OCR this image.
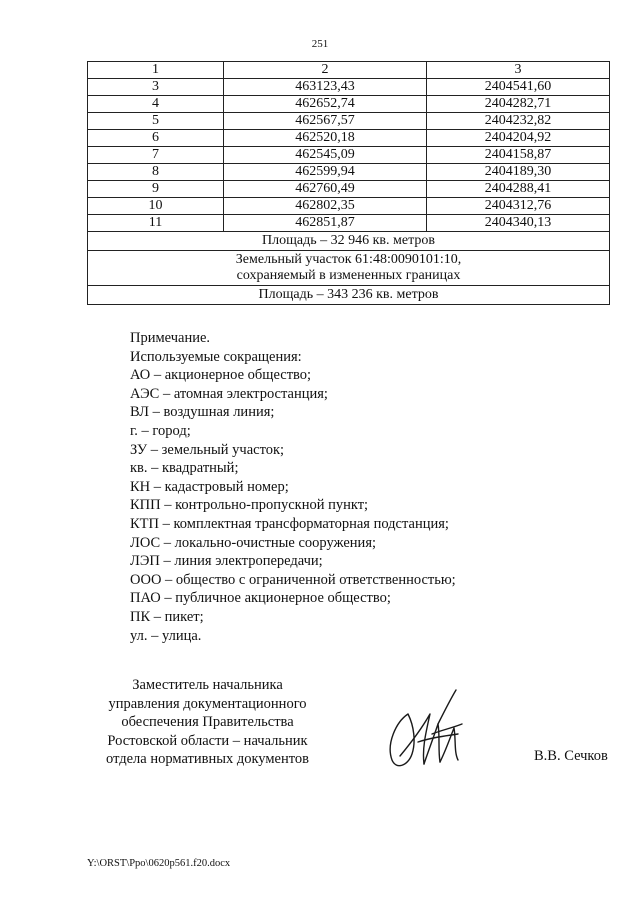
251
1	2	3
3	463123,43	2404541,60
4	462652,74	2404282,71
5	462567,57	2404232,82
6	462520,18	2404204,92
7	462545,09	2404158,87
8	462599,94	2404189,30
9	462760,49	2404288,41
10	462802,35	2404312,76
11	462851,87	2404340,13
Площадь – 32 946 кв. метров		

Земельный участок 61:48:0090101:10,
сохраняемый в измененных границах		

Площадь – 343 236 кв. метров		
Примечание.
Используемые сокращения:
АО – акционерное общество;
АЭС – атомная электростанция;
ВЛ – воздушная линия;
г. – город;
ЗУ – земельный участок;
кв. – квадратный;
КН – кадастровый номер;
КПП – контрольно-пропускной пункт;
КТП – комплектная трансформаторная подстанция;
ЛОС – локально-очистные сооружения;
ЛЭП – линия электропередачи;
ООО – общество с ограниченной ответственностью;
ПАО – публичное акционерное общество;
ПК – пикет;
ул. – улица.
Заместитель начальника
управления документационного
обеспечения Правительства
Ростовской области – начальник
отдела нормативных документов	В.В. Сечков
Y:\ORST\Ppo\0620p561.f20.docx
